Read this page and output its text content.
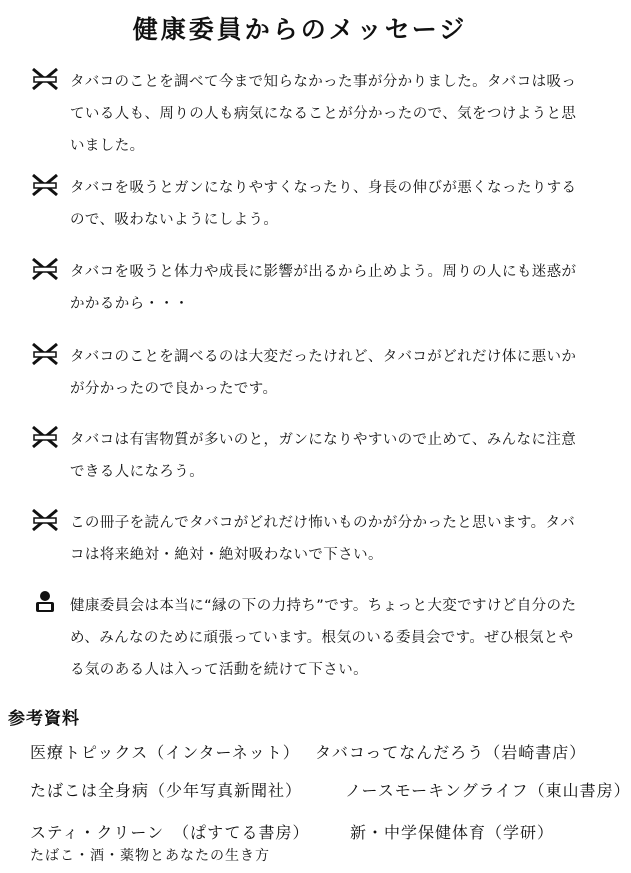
健康委員からのメッセージ

タバコのことを調べて今まで知らなかった事が分かりました。タバコは吸っている人も、周りの人も病気になることが分かったので、気をつけようと思いました。

タバコを吸うとガンになりやすくなったり、身長の伸びが悪くなったりするので、吸わないようにしよう。

タバコを吸うと体力や成長に影響が出るから止めよう。周りの人にも迷惑がかかるから・・・

タバコのことを調べるのは大変だったけれど、タバコがどれだけ体に悪いかが分かったので良かったです。

タバコは有害物質が多いのと，ガンになりやすいので止めて、みんなに注意できる人になろう。

この冊子を読んでタバコがどれだけ怖いものかが分かったと思います。タバコは将来絶対・絶対・絶対吸わないで下さい。

健康委員会は本当に“縁の下の力持ち”です。ちょっと大変ですけど自分のため、みんなのために頑張っています。根気のいる委員会です。ぜひ根気とやる気のある人は入って活動を続けて下さい。

参考資料
医療トピックス（インターネット） タバコってなんだろう（岩崎書店）
たばこは全身病（少年写真新聞社）	ノースモーキングライフ（東山書房）
スティ・クリーン　（ぱすてる書房）	新・中学保健体育（学研）
たばこ・酒・薬物とあなたの生き方
